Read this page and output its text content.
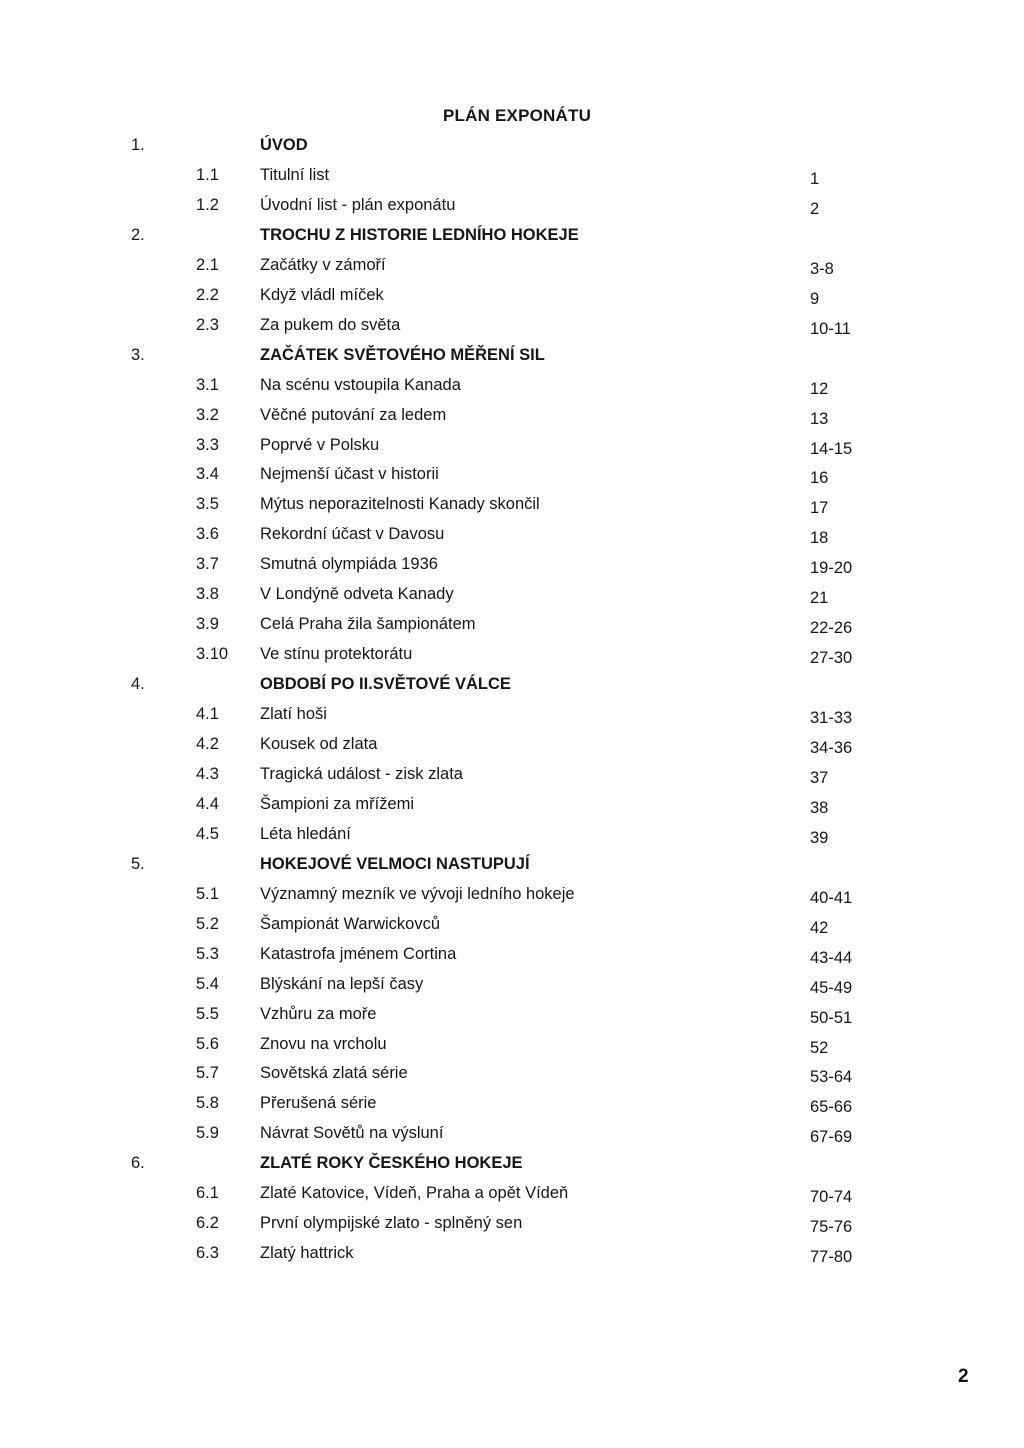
PLÁN EXPONÁTU
1.	ÚVOD
1.1 Titulní list	1
1.2 Úvodní list - plán exponátu	2
2.	TROCHU Z HISTORIE LEDNÍHO HOKEJE
2.1 Začátky v zámoří	3-8
2.2 Když vládl míček	9
2.3 Za pukem do světa	10-11
3.	ZAČÁTEK SVĚTOVÉHO MĚŘENÍ SIL
3.1 Na scénu vstoupila Kanada	12
3.2 Věčné putování za ledem	13
3.3 Poprvé v Polsku	14-15
3.4 Nejmenší účast v historii	16
3.5 Mýtus neporazitelnosti Kanady skončil	17
3.6 Rekordní účast v Davosu	18
3.7 Smutná olympiáda 1936	19-20
3.8 V Londýně odveta Kanady	21
3.9 Celá Praha žila šampionátem	22-26
3.10 Ve stínu protektorátu	27-30
4.	OBDOBÍ PO II.SVĚTOVÉ VÁLCE
4.1 Zlatí hoši	31-33
4.2 Kousek od zlata	34-36
4.3 Tragická událost - zisk zlata	37
4.4 Šampioni za mřížemi	38
4.5 Léta hledání	39
5.	HOKEJOVÉ VELMOCI NASTUPUJÍ
5.1 Významný mezník ve vývoji ledního hokeje	40-41
5.2 Šampionát Warwickovců	42
5.3 Katastrofa jménem Cortina	43-44
5.4 Blýskání na lepší časy	45-49
5.5 Vzhůru za moře	50-51
5.6 Znovu na vrcholu	52
5.7 Sovětská zlatá série	53-64
5.8 Přerušená série	65-66
5.9 Návrat Sovětů na výsluní	67-69
6.	ZLATÉ ROKY ČESKÉHO HOKEJE
6.1 Zlaté Katovice, Vídeň, Praha a opět Vídeň	70-74
6.2 První olympijské zlato - splněný sen	75-76
6.3 Zlatý hattrick	77-80
2
